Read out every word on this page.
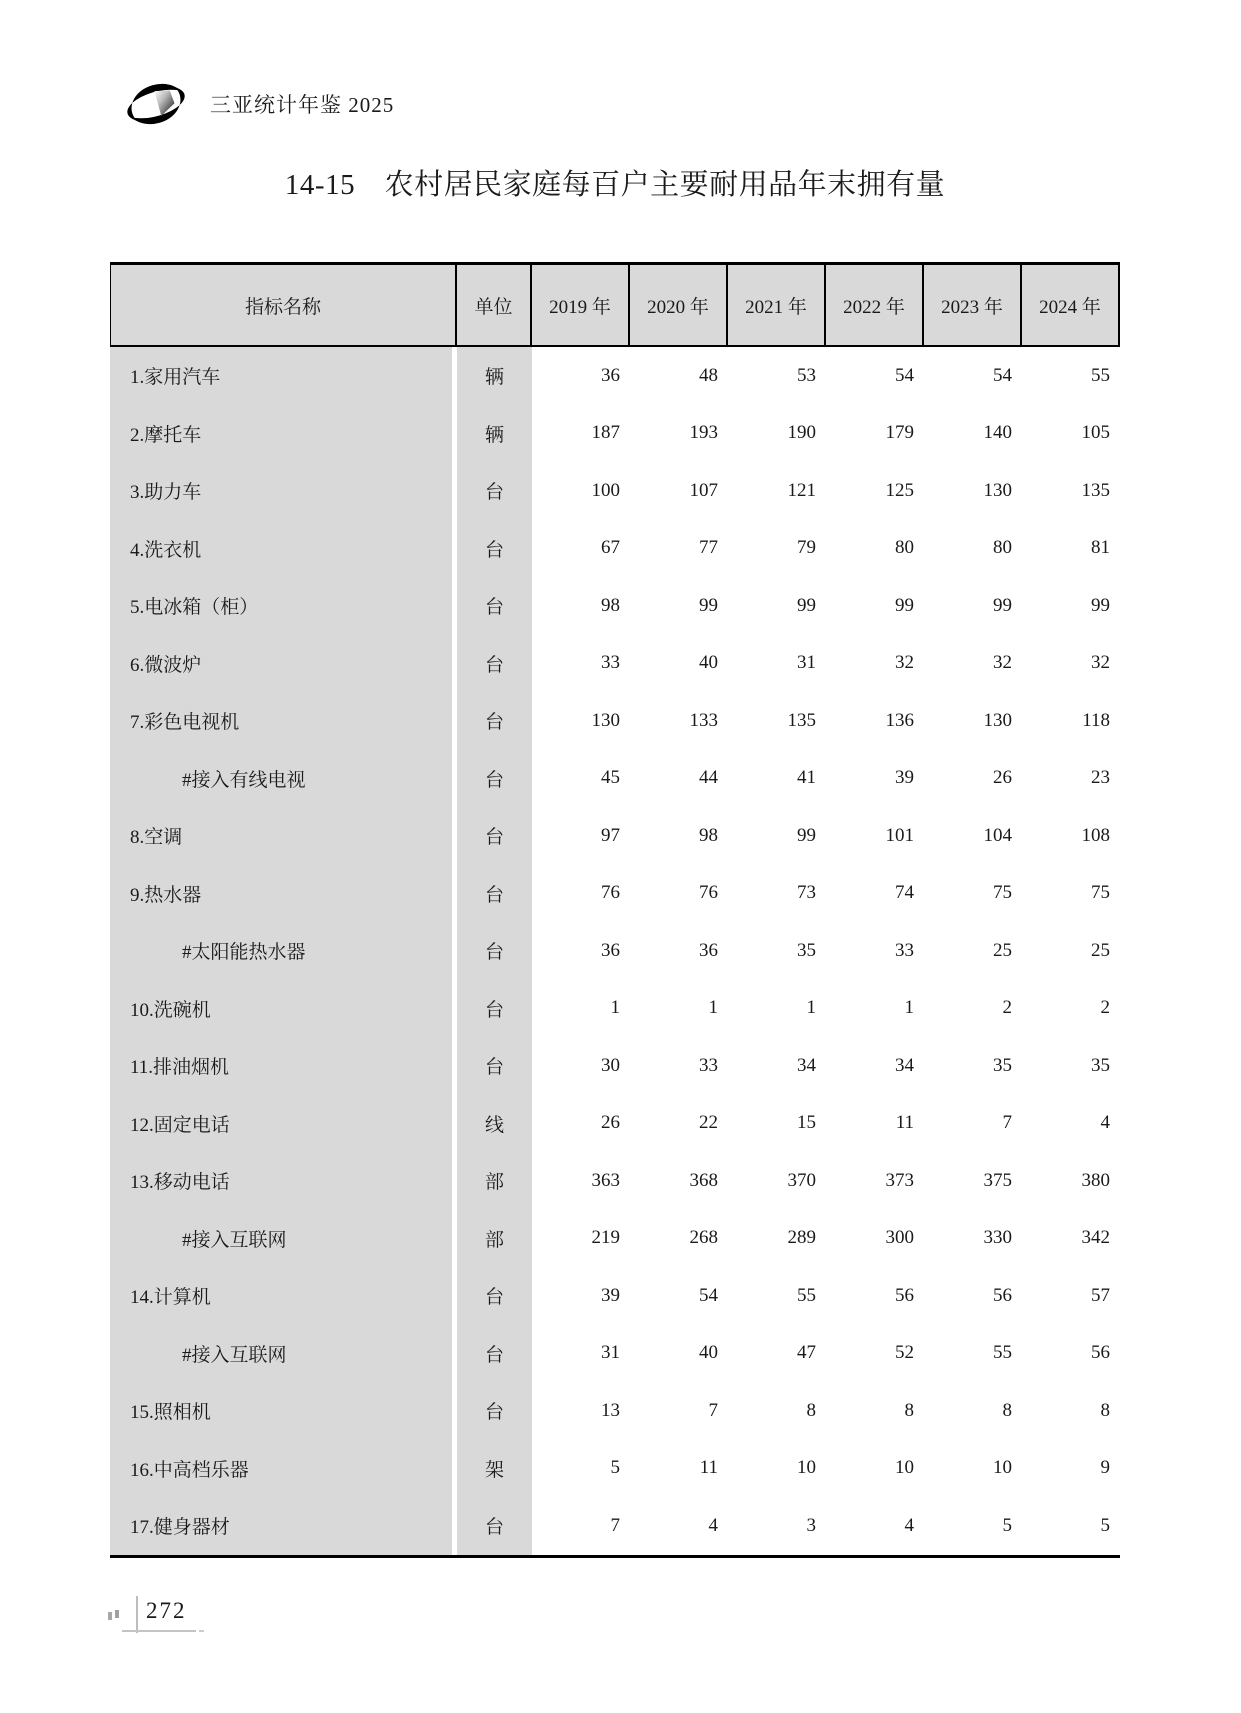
三亚统计年鉴 2025
14-15　农村居民家庭每百户主要耐用品年末拥有量
指标名称	单位	2019 年	2020 年	2021 年	2022 年	2023 年	2024 年
1.家用汽车	辆	36	48	53	54	54	55
2.摩托车	辆	187	193	190	179	140	105
3.助力车	台	100	107	121	125	130	135
4.洗衣机	台	67	77	79	80	80	81
5.电冰箱（柜）	台	98	99	99	99	99	99
6.微波炉	台	33	40	31	32	32	32
7.彩色电视机	台	130	133	135	136	130	118
#接入有线电视	台	45	44	41	39	26	23
8.空调	台	97	98	99	101	104	108
9.热水器	台	76	76	73	74	75	75
#太阳能热水器	台	36	36	35	33	25	25
10.洗碗机	台	1	1	1	1	2	2
11.排油烟机	台	30	33	34	34	35	35
12.固定电话	线	26	22	15	11	7	4
13.移动电话	部	363	368	370	373	375	380
#接入互联网	部	219	268	289	300	330	342
14.计算机	台	39	54	55	56	56	57
#接入互联网	台	31	40	47	52	55	56
15.照相机	台	13	7	8	8	8	8
16.中高档乐器	架	5	11	10	10	10	9
17.健身器材	台	7	4	3	4	5	5
272
